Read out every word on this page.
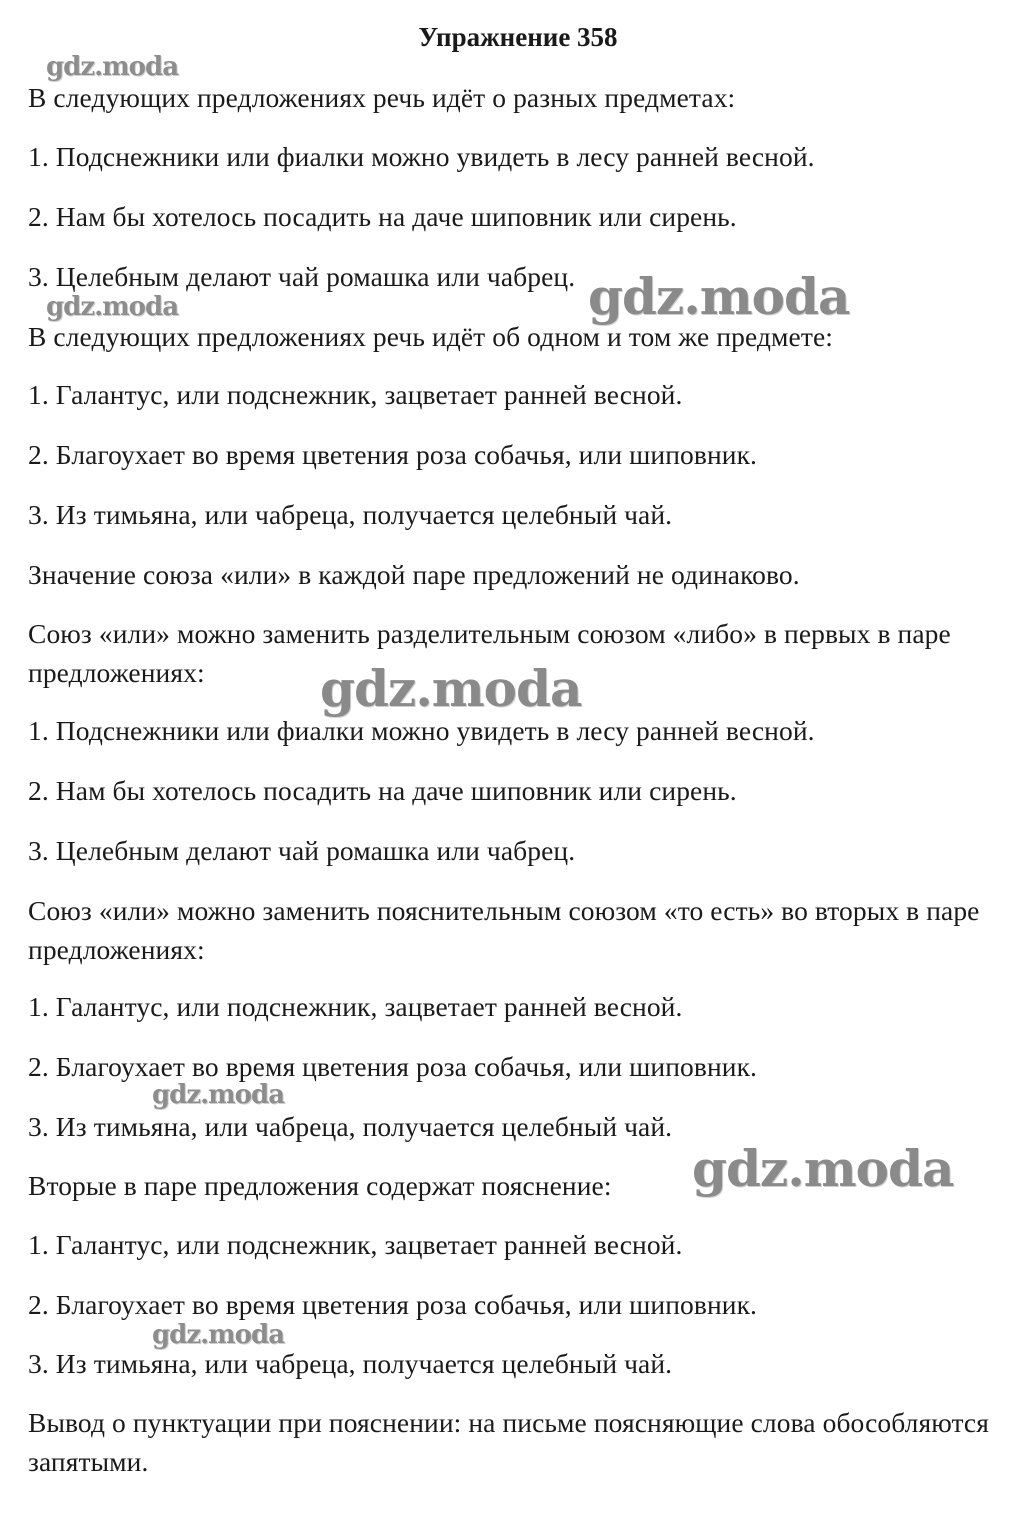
Упражнение 358
gdz.moda
gdz.moda	gdz.moda
gdz.moda
gdz.moda
gdz.moda
gdz.moda
В следующих предложениях речь идёт о разных предметах:
1. Подснежники или фиалки можно увидеть в лесу ранней весной.
2. Нам бы хотелось посадить на даче шиповник или сирень.
3. Целебным делают чай ромашка или чабрец.
В следующих предложениях речь идёт об одном и том же предмете:
1. Галантус, или подснежник, зацветает ранней весной.
2. Благоухает во время цветения роза собачья, или шиповник.
3. Из тимьяна, или чабреца, получается целебный чай.
Значение союза «или» в каждой паре предложений не одинаково.
Союз «или» можно заменить разделительным союзом «либо» в первых в паре предложениях:
1. Подснежники или фиалки можно увидеть в лесу ранней весной.
2. Нам бы хотелось посадить на даче шиповник или сирень.
3. Целебным делают чай ромашка или чабрец.
Союз «или» можно заменить пояснительным союзом «то есть» во вторых в паре предложениях:
1. Галантус, или подснежник, зацветает ранней весной.
2. Благоухает во время цветения роза собачья, или шиповник.
3. Из тимьяна, или чабреца, получается целебный чай.
Вторые в паре предложения содержат пояснение:
1. Галантус, или подснежник, зацветает ранней весной.
2. Благоухает во время цветения роза собачья, или шиповник.
3. Из тимьяна, или чабреца, получается целебный чай.
Вывод о пунктуации при пояснении: на письме поясняющие слова обособляются запятыми.
